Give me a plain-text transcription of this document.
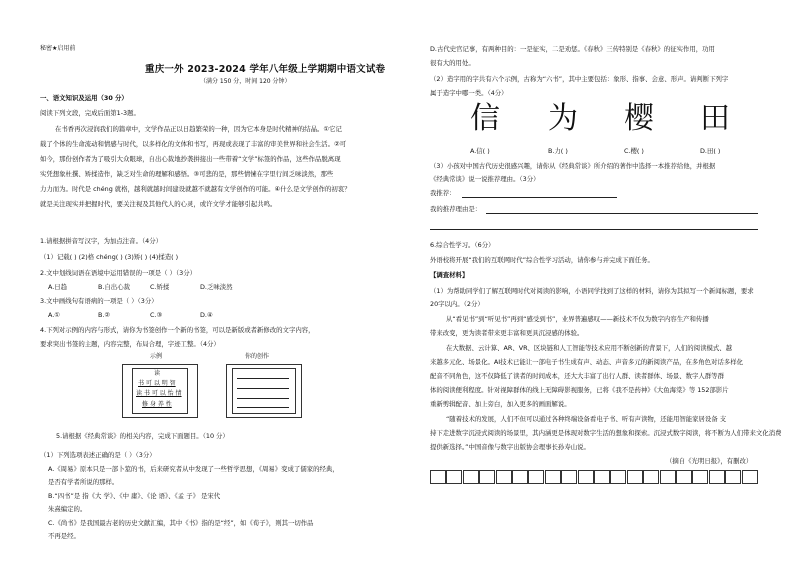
秘密★启用前
重庆一外 2023-2024 学年八年级上学期期中语文试卷
（满分 150 分，时间 120 分钟）
一、语文知识及运用（30 分）
阅读下列文段，完成后面第1-3题。
在书香再次浸润我们的篇章中，文学作品正以日趋繁荣的一种，因为它本身是时代精神的结晶。①它记
载了个体的生命流动和情感与时代，以多样化的文体和书写，再现或表现了丰富的审美世界和社会生活。②可
如今，那份创作者为了吸引大众眼球，自出心裁地抄袭拼接出一些带着“文学”标签的作品，这些作品脱离现
实凭想象杜撰、矫揉造作，缺乏对生命的理解和感悟。③可悲的是，那些情愫在字里行间乏味淡然，那些
力力而为。时代是 chéng 就格，越利就越时间建设就越不就越有文学创作的可能。④什么是文学创作的初衷？
就是关注现实并把握时代，要关注视及其他代人的心灵，或许文学才能够引起共鸣。
1.请根据拼音写汉字，为加点注音。（4分）
（1）记载( ) (2)格 chéng( ) (3)矫( ) (4)揉造( )
2.文中划线词语在语境中运用错误的一项是（ ）（3分）
A.日趋	B.自出心裁	C.矫揉	D.乏味淡然
3.文中画线句有语病的一项是（ ）（3分）
A.①	B.②	C.③	D.④
4.下列对示例的内容与形式，请你为书签创作一个新的书签，可以是新版或者新修改的文字内容，
要求突出书签的主题，内容完整，布局合理，字迹工整。（4分）
示例
读
书 可 以 明 智
读 书 可 以 怡 情
修 身 养 性
你的创作
5.请根据《经典常谈》的相关内容，完成下面题目。（10 分）
（1）下列选项表述正确的是（ ）（3分）
A.《周易》原本只是一部卜筮的书，后来研究者从中发现了一些哲学思想，《周易》变成了儒家的经典，
是否有学者所说的那样。
B.“四书”是 指《大 学》、《中 庸》、《论 语》、《孟 子》 是宋代
朱熹编定的。
C.《尚书》是我国最古老的历史文献汇编，其中《书》指的是“经”，如《荀子》，则其一切作品
不再是经。
D.古代史官记事，有两种目的：一是征实，二是劝惩。《春秋》三传特别是《春秋》的征实作用，功用
很有大的用处。
（2）造字用的字共有六个示例，古称为“六书”，其中主要包括：象形、指事、会意、形声。请判断下列字
属于造字中哪一类。（4分）
信 为 樱 田
A.信( )	B.力( )	C.樱( )	D.田( )
（3）小孩对中国古代历史很感兴趣，请你从《经典常谈》所介绍的著作中选择一本推荐给他，并根据
《经典常谈》说一说推荐理由。（3分）
我推荐：
我的推荐理由是：
6.综合性学习。（6分）
外语校将开展“我们的互联网时代”综合性学习活动，请你参与并完成下面任务。
【调查材料】
（1）为帮助同学们了解互联网时代对阅读的影响，小语同学找到了这样的材料，请你为其拟写一个新闻标题，要求
20字以内。（2分）
从“看见书”到“听见书”再到“感受到书”，业界普遍感叹——新技术不仅为数字内容生产和传播
带来改变，更为读者带来更丰富和更具沉浸感的体验。
在大数据、云计算、AR、VR、区块链和人工智能等技术应用不断创新的背景下，人们的阅读模式、越
来越多元化、场景化。AI技术已能让一部电子书生成有声、动态、声音多元的新阅读产品，在多角色对话多样化
配音不同角色，这不仅降低了读者的时间成本，还大大丰富了出行人群、读者群体、场景、数字人群等群
体的阅读便利程度。针对视障群体的线上无障碍影视服务，已将《我不是药神》《大鱼海棠》等 152部影片
重新剪辑配音、加上旁白，加入更多的画面解说。
“随着技术的发展，人们不但可以通过各种终端设备看电子书、听有声读物，还能用智能家居设备 支
持下走进数字沉浸式阅读的场景里，其内涵更是体现对数字生活的想象和探索。沉浸式数字阅读，将不断为人们带来文化消费
提供新选择。”中国音像与数字出版协会理事长孙寿山说。
（摘自《光明日报》，有删改）
